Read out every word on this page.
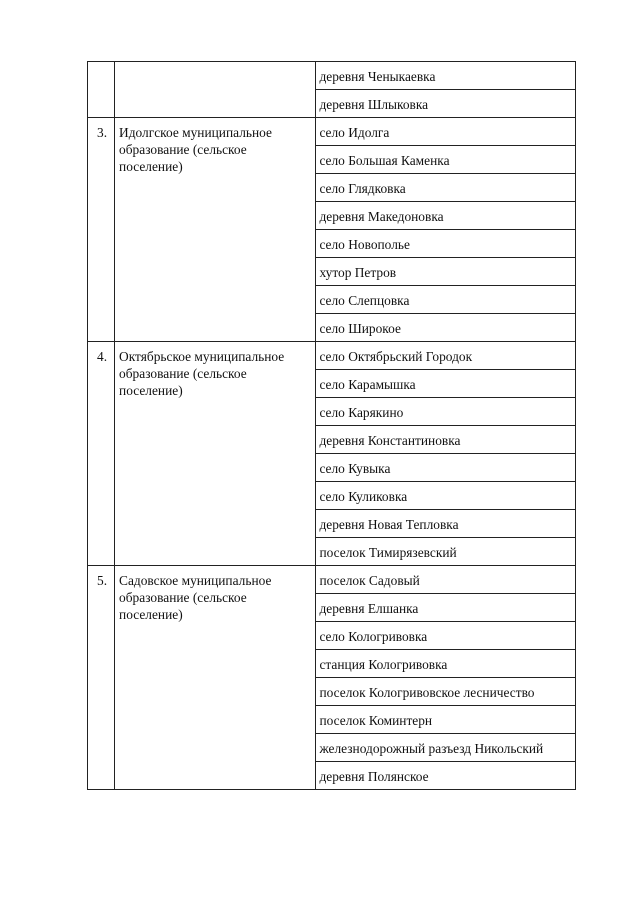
		деревня Ченыкаевка
		деревня Шлыковка
3.	Идолгское муниципальное образование (сельское поселение)	село Идолга
		село Большая Каменка
		село Глядковка
		деревня Македоновка
		село Новополье
		хутор Петров
		село Слепцовка
		село Широкое
4.	Октябрьское муниципальное образование (сельское поселение)	село Октябрьский Городок
		село Карамышка
		село Карякино
		деревня Константиновка
		село Кувыка
		село Куликовка
		деревня Новая Тепловка
		поселок Тимирязевский
5.	Садовское муниципальное образование (сельское поселение)	поселок Садовый
		деревня Елшанка
		село Кологривовка
		станция Кологривовка
		поселок Кологривовское лесничество
		поселок Коминтерн
		железнодорожный разъезд Никольский
		деревня Полянское
